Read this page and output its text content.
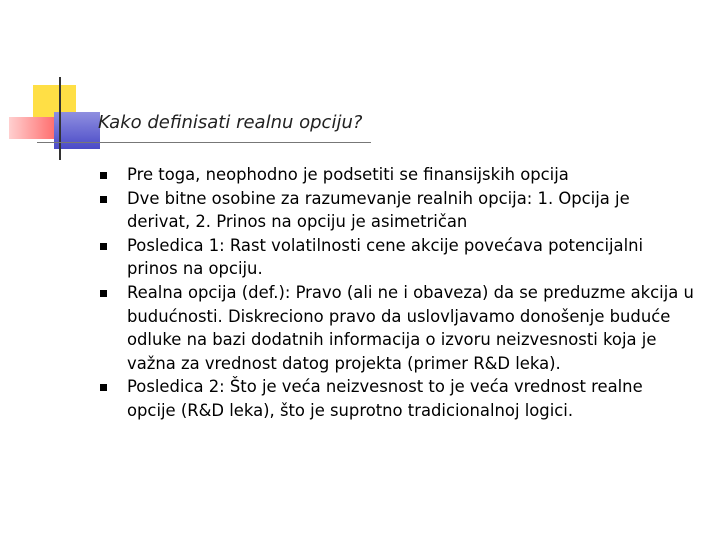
Kako definisati realnu opciju?
Pre toga, neophodno je podsetiti se finansijskih opcija
Dve bitne osobine za razumevanje realnih opcija: 1. Opcija je derivat, 2. Prinos na opciju je asimetričan
Posledica 1: Rast volatilnosti cene akcije povećava potencijalni prinos na opciju.
Realna opcija (def.): Pravo (ali ne i obaveza) da se preduzme akcija u budućnosti. Diskreciono pravo da uslovljavamo donošenje buduće odluke na bazi dodatnih informacija o izvoru neizvesnosti koja je važna za vrednost datog projekta (primer R&D leka).
Posledica 2: Što je veća neizvesnost to je veća vrednost realne opcije (R&D leka), što je suprotno tradicionalnoj logici.
